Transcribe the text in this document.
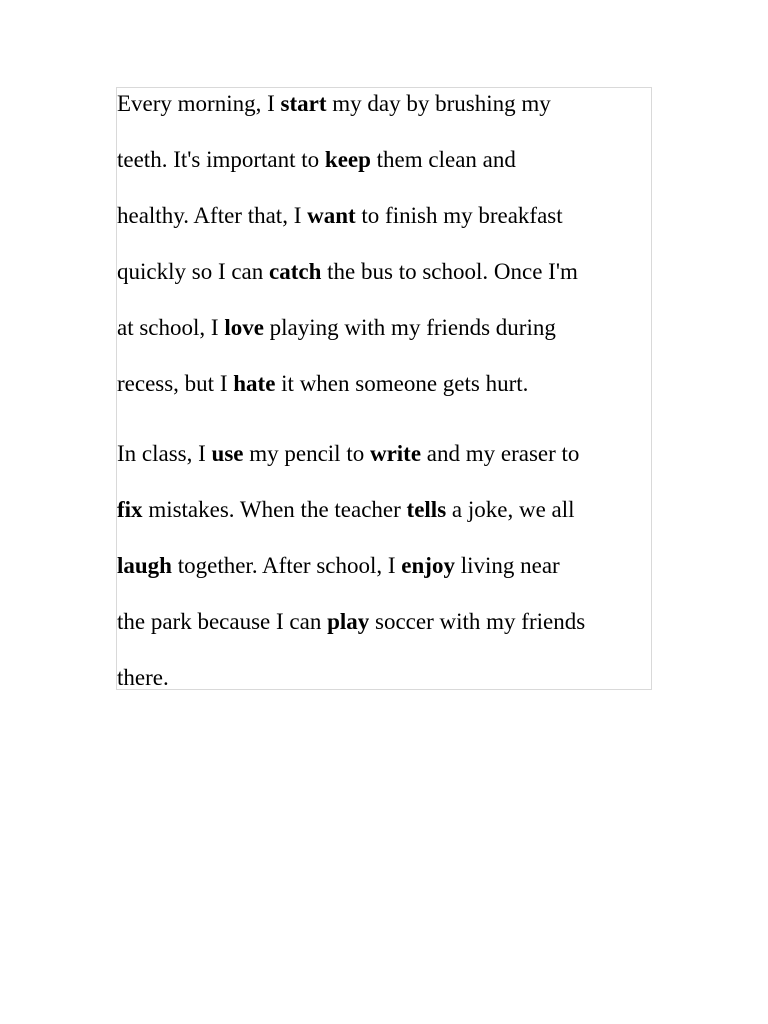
Every morning, I start my day by brushing my
teeth. It's important to keep them clean and
healthy. After that, I want to finish my breakfast
quickly so I can catch the bus to school. Once I'm
at school, I love playing with my friends during
recess, but I hate it when someone gets hurt.

In class, I use my pencil to write and my eraser to
fix mistakes. When the teacher tells a joke, we all
laugh together. After school, I enjoy living near
the park because I can play soccer with my friends
there.
